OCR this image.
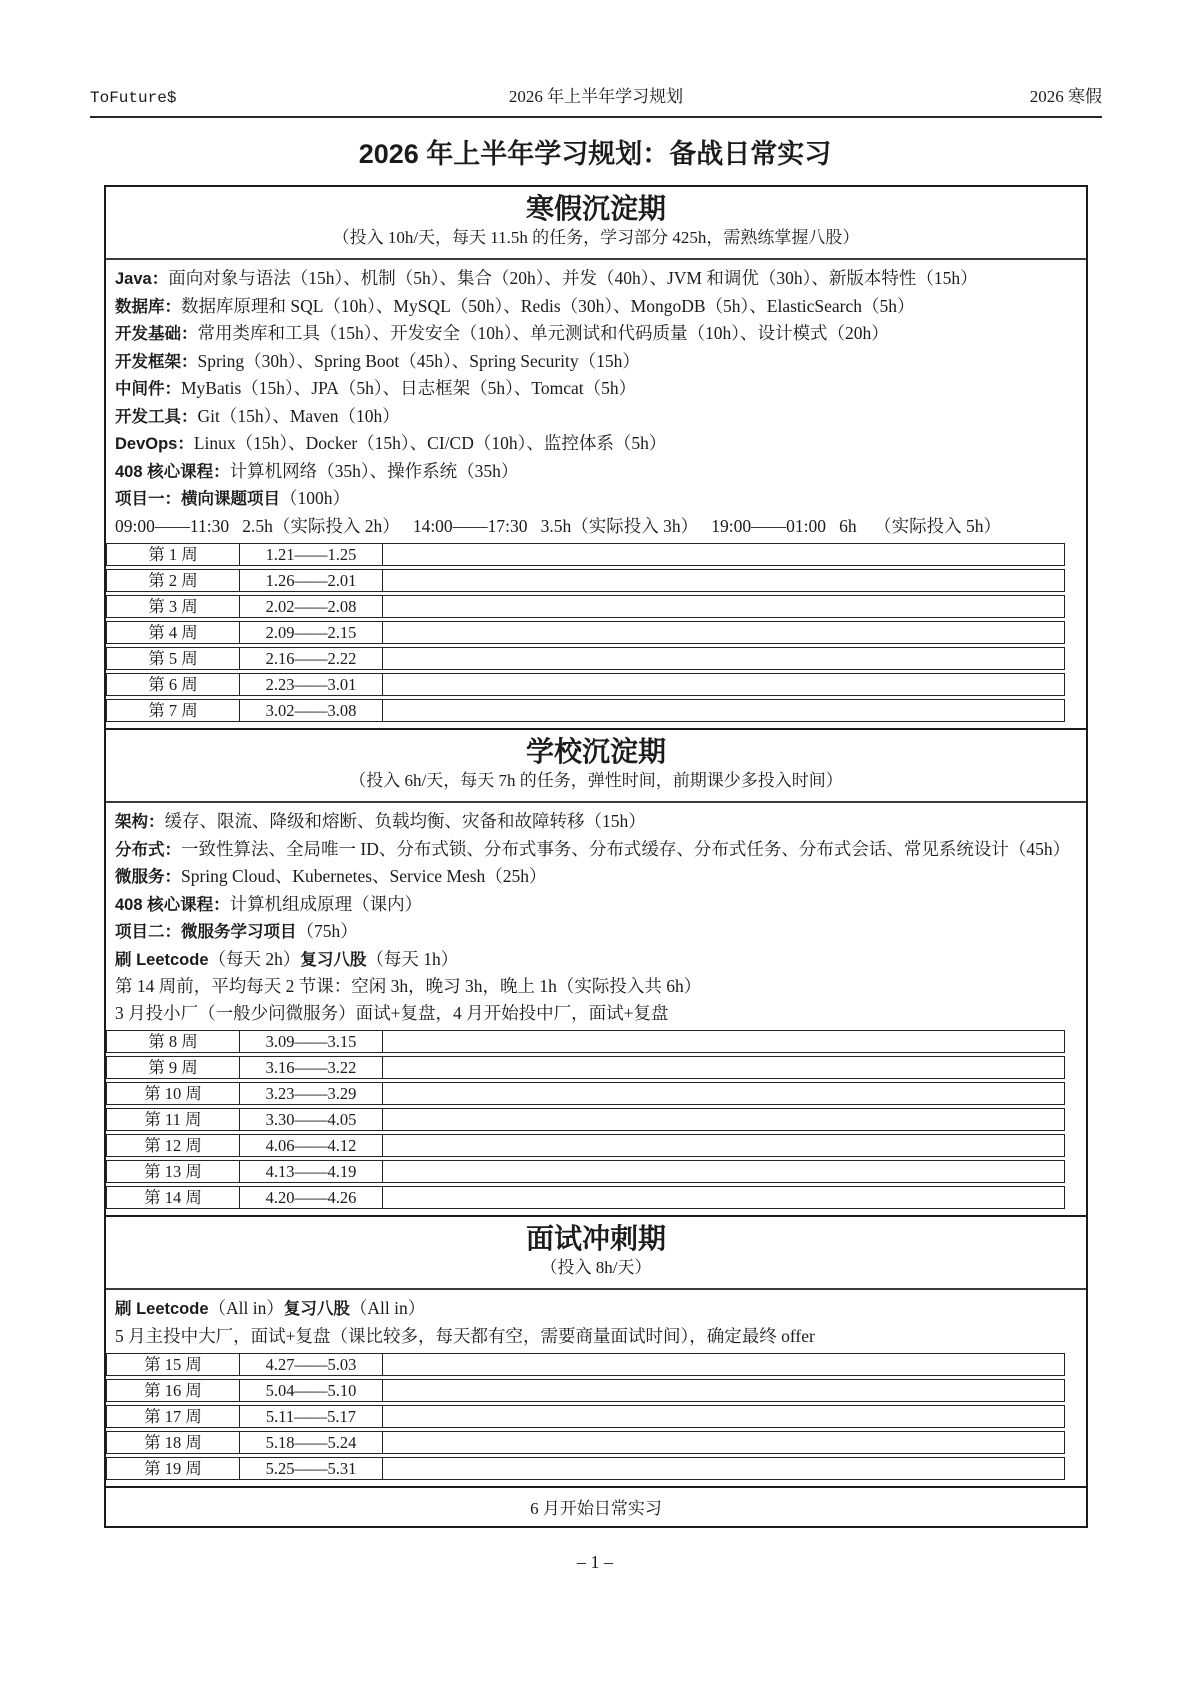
ToFuture$	2026 年上半年学习规划	2026 寒假
2026 年上半年学习规划：备战日常实习
寒假沉淀期
（投入 10h/天，每天 11.5h 的任务，学习部分 425h，需熟练掌握八股）

Java：面向对象与语法（15h）、机制（5h）、集合（20h）、并发（40h）、JVM 和调优（30h）、新版本特性（15h）

数据库：数据库原理和 SQL（10h）、MySQL（50h）、Redis（30h）、MongoDB（5h）、ElasticSearch（5h）

开发基础：常用类库和工具（15h）、开发安全（10h）、单元测试和代码质量（10h）、设计模式（20h）

开发框架：Spring（30h）、Spring Boot（45h）、Spring Security（15h）

中间件：MyBatis（15h）、JPA（5h）、日志框架（5h）、Tomcat（5h）

开发工具：Git（15h）、Maven（10h）

DevOps：Linux（15h）、Docker（15h）、CI/CD（10h）、监控体系（5h）

408 核心课程：计算机网络（35h）、操作系统（35h）

项目一：横向课题项目（100h）

09:00——11:30   2.5h（实际投入 2h）   14:00——17:30   3.5h（实际投入 3h）   19:00——01:00   6h    （实际投入 5h）

第 1 周	1.21——1.25
第 2 周	1.26——2.01
第 3 周	2.02——2.08
第 4 周	2.09——2.15
第 5 周	2.16——2.22
第 6 周	2.23——3.01
第 7 周	3.02——3.08
学校沉淀期
（投入 6h/天，每天 7h 的任务，弹性时间，前期课少多投入时间）

架构：缓存、限流、降级和熔断、负载均衡、灾备和故障转移（15h）

分布式：一致性算法、全局唯一 ID、分布式锁、分布式事务、分布式缓存、分布式任务、分布式会话、常见系统设计（45h）

微服务：Spring Cloud、Kubernetes、Service Mesh（25h）

408 核心课程：计算机组成原理（课内）

项目二：微服务学习项目（75h）

刷 Leetcode（每天 2h）复习八股（每天 1h）

第 14 周前，平均每天 2 节课：空闲 3h，晚习 3h，晚上 1h（实际投入共 6h）

3 月投小厂（一般少问微服务）面试+复盘，4 月开始投中厂，面试+复盘

第 8 周	3.09——3.15
第 9 周	3.16——3.22
第 10 周	3.23——3.29
第 11 周	3.30——4.05
第 12 周	4.06——4.12
第 13 周	4.13——4.19
第 14 周	4.20——4.26
面试冲刺期
（投入 8h/天）

刷 Leetcode（All in）复习八股（All in）

5 月主投中大厂，面试+复盘（课比较多，每天都有空，需要商量面试时间），确定最终 offer

第 15 周	4.27——5.03
第 16 周	5.04——5.10
第 17 周	5.11——5.17
第 18 周	5.18——5.24
第 19 周	5.25——5.31
6 月开始日常实习
– 1 –
